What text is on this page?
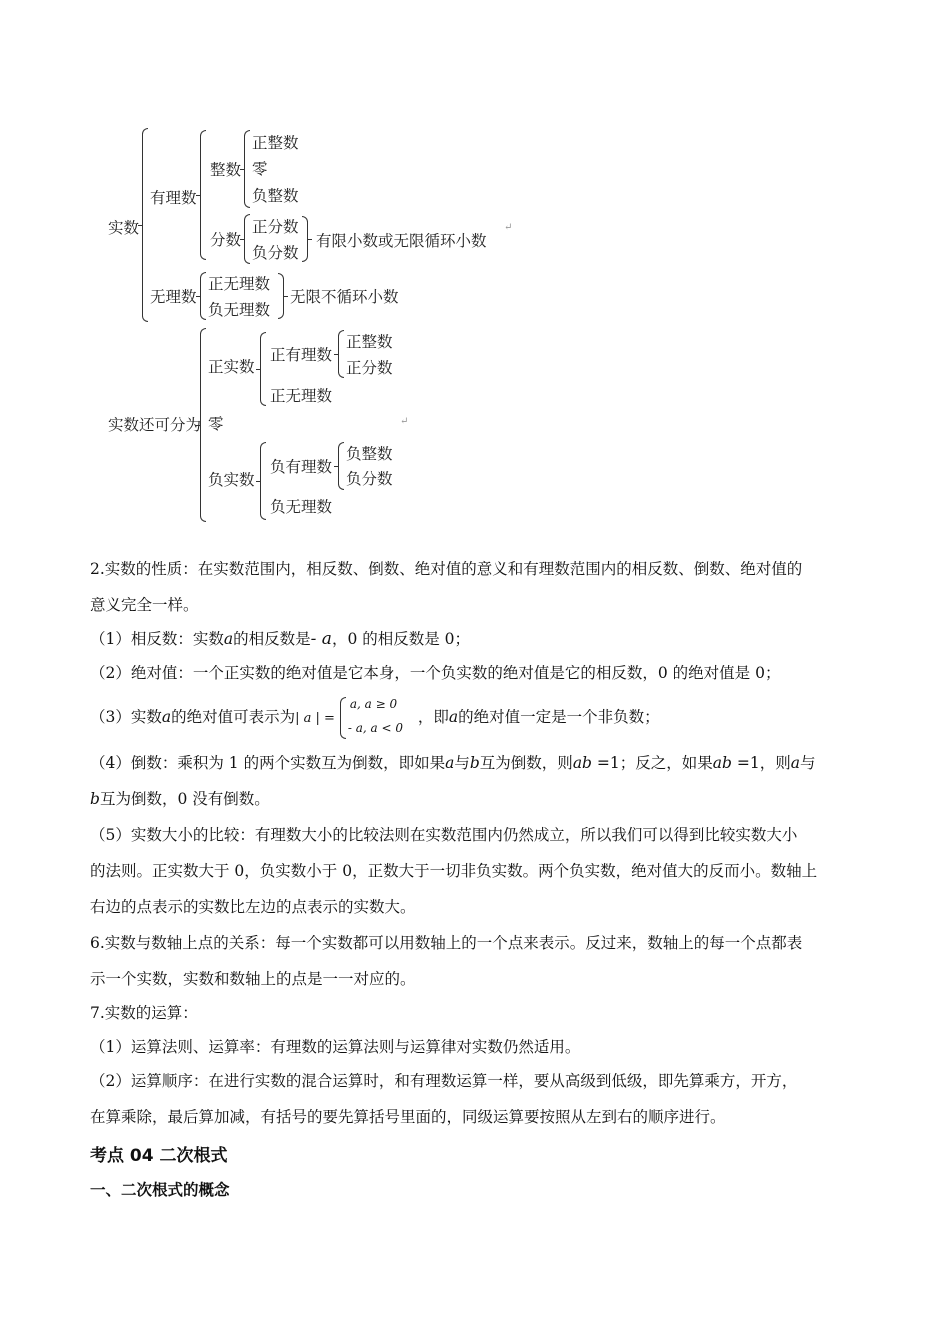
实数
有理数
整数
正整数
零
负整数
分数
正分数
负分数
有限小数或无限循环小数
↵
无理数
正无理数
负无理数
无限不循环小数
实数还可分为
正实数
正有理数
正整数
正分数
正无理数
零	↵
负实数
负有理数
负整数
负分数
负无理数
2.实数的性质：在实数范围内，相反数、倒数、绝对值的意义和有理数范围内的相反数、倒数、绝对值的
意义完全一样。
（1）相反数：实数a的相反数是- a，0 的相反数是 0；
（2）绝对值：一个正实数的绝对值是它本身，一个负实数的绝对值是它的相反数，0 的绝对值是 0；
（3）实数a的绝对值可表示为| a | =
a, a ≥ 0
- a, a < 0
，即a的绝对值一定是一个非负数；
（4）倒数：乘积为 1 的两个实数互为倒数，即如果a与b互为倒数，则ab =1；反之，如果ab =1，则a与
b互为倒数，0 没有倒数。
（5）实数大小的比较：有理数大小的比较法则在实数范围内仍然成立，所以我们可以得到比较实数大小
的法则。正实数大于 0，负实数小于 0，正数大于一切非负实数。两个负实数，绝对值大的反而小。数轴上
右边的点表示的实数比左边的点表示的实数大。
6.实数与数轴上点的关系：每一个实数都可以用数轴上的一个点来表示。反过来，数轴上的每一个点都表
示一个实数，实数和数轴上的点是一一对应的。
7.实数的运算：
（1）运算法则、运算率：有理数的运算法则与运算律对实数仍然适用。
（2）运算顺序：在进行实数的混合运算时，和有理数运算一样，要从高级到低级，即先算乘方，开方，
在算乘除，最后算加减，有括号的要先算括号里面的，同级运算要按照从左到右的顺序进行。
考点 04 二次根式
一、二次根式的概念
